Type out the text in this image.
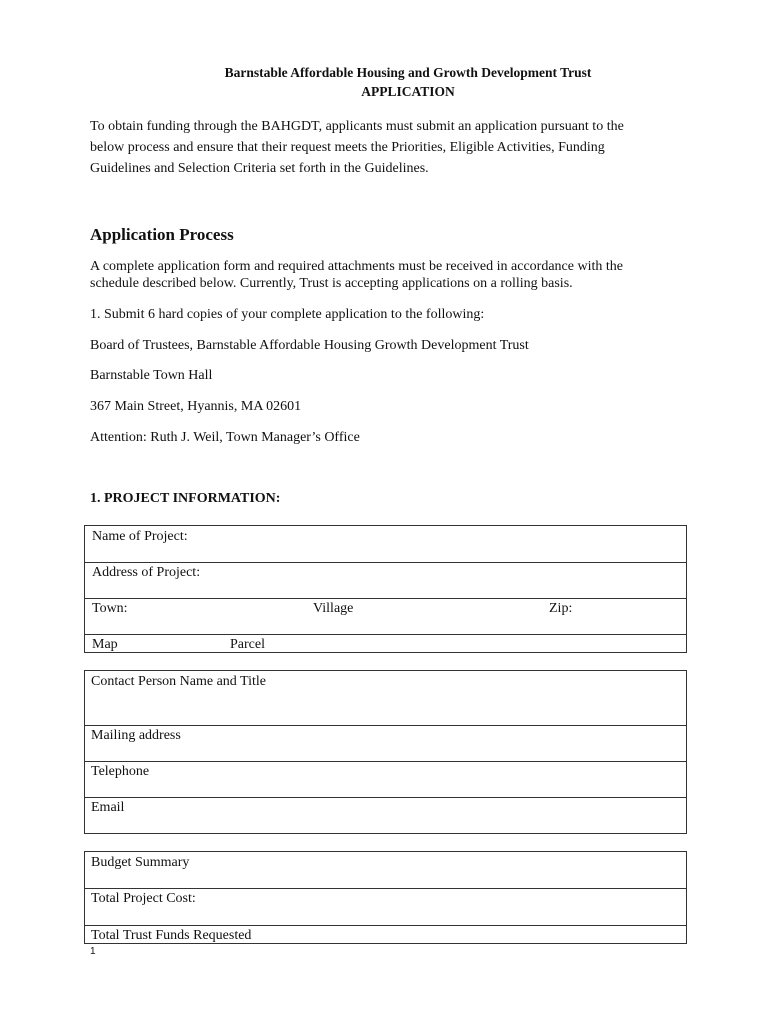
Barnstable Affordable Housing and Growth Development Trust
APPLICATION
To obtain funding through the BAHGDT, applicants must submit an application pursuant to the
below process and ensure that their request meets the Priorities, Eligible Activities, Funding
Guidelines and Selection Criteria set forth in the Guidelines.
Application Process
A complete application form and required attachments must be received in accordance with the
schedule described below. Currently, Trust is accepting applications on a rolling basis.
1. Submit 6 hard copies of your complete application to the following:
Board of Trustees, Barnstable Affordable Housing Growth Development Trust
Barnstable Town Hall
367 Main Street, Hyannis, MA 02601
Attention: Ruth J. Weil, Town Manager’s Office
1. PROJECT INFORMATION:
Name of Project:
Address of Project:
Town:	Village	Zip:
Map	Parcel
Contact Person Name and Title
Mailing address
Telephone
Email
Budget Summary
Total Project Cost:
Total Trust Funds Requested
1
